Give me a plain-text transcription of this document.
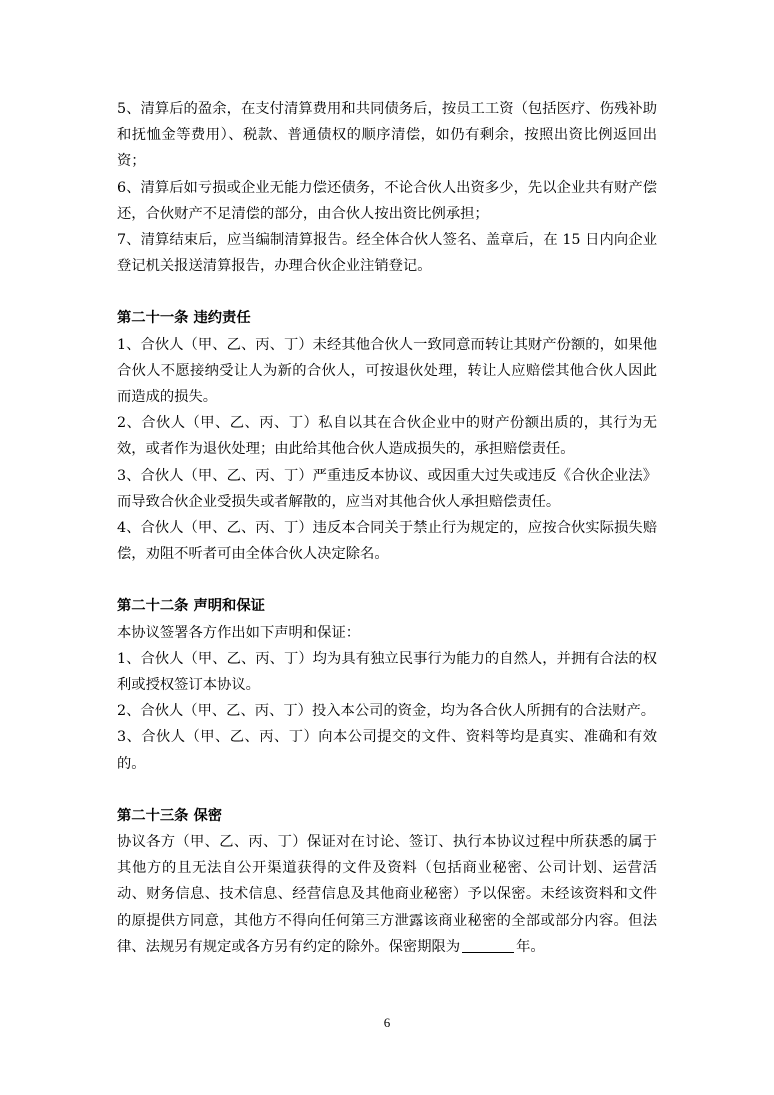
5、清算后的盈余，在支付清算费用和共同债务后，按员工工资（包括医疗、伤残补助和抚恤金等费用）、税款、普通债权的顺序清偿，如仍有剩余，按照出资比例返回出资；

6、清算后如亏损或企业无能力偿还债务，不论合伙人出资多少，先以企业共有财产偿还，合伙财产不足清偿的部分，由合伙人按出资比例承担；

7、清算结束后，应当编制清算报告。经全体合伙人签名、盖章后，在 15 日内向企业登记机关报送清算报告，办理合伙企业注销登记。

第二十一条 违约责任

1、合伙人（甲、乙、丙、丁）未经其他合伙人一致同意而转让其财产份额的，如果他合伙人不愿接纳受让人为新的合伙人，可按退伙处理，转让人应赔偿其他合伙人因此而造成的损失。

2、合伙人（甲、乙、丙、丁）私自以其在合伙企业中的财产份额出质的，其行为无效，或者作为退伙处理；由此给其他合伙人造成损失的，承担赔偿责任。

3、合伙人（甲、乙、丙、丁）严重违反本协议、或因重大过失或违反《合伙企业法》而导致合伙企业受损失或者解散的，应当对其他合伙人承担赔偿责任。

4、合伙人（甲、乙、丙、丁）违反本合同关于禁止行为规定的，应按合伙实际损失赔偿，劝阻不听者可由全体合伙人决定除名。

第二十二条 声明和保证

本协议签署各方作出如下声明和保证：

1、合伙人（甲、乙、丙、丁）均为具有独立民事行为能力的自然人，并拥有合法的权利或授权签订本协议。

2、合伙人（甲、乙、丙、丁）投入本公司的资金，均为各合伙人所拥有的合法财产。

3、合伙人（甲、乙、丙、丁）向本公司提交的文件、资料等均是真实、准确和有效的。

第二十三条 保密

协议各方（甲、乙、丙、丁）保证对在讨论、签订、执行本协议过程中所获悉的属于其他方的且无法自公开渠道获得的文件及资料（包括商业秘密、公司计划、运营活动、财务信息、技术信息、经营信息及其他商业秘密）予以保密。未经该资料和文件的原提供方同意，其他方不得向任何第三方泄露该商业秘密的全部或部分内容。但法律、法规另有规定或各方另有约定的除外。保密期限为	年。

6
